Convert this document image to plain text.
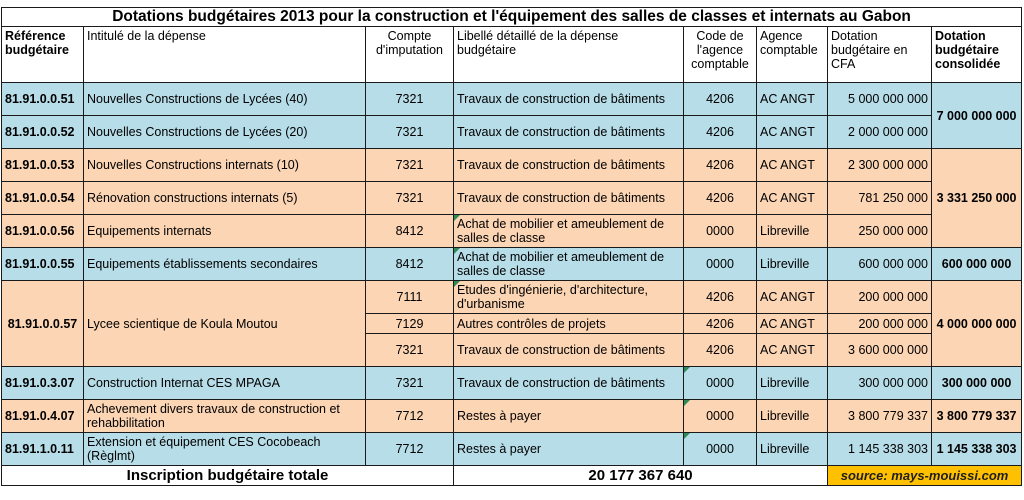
Dotations budgétaires 2013 pour la construction et l'équipement des salles de classes et internats au Gabon							
Référence budgétaire	Intitulé de la dépense	Compte d'imputation	Libellé détaillé de la dépense budgétaire	Code de l'agence comptable	Agence comptable	Dotation budgétaire en CFA	Dotation budgétaire consolidée
81.91.0.0.51	Nouvelles Constructions de Lycées (40)	7321	Travaux de construction de bâtiments	4206	AC ANGT	5 000 000 000	7 000 000 000
81.91.0.0.52	Nouvelles Constructions de Lycées (20)	7321	Travaux de construction de bâtiments	4206	AC ANGT	2 000 000 000	
81.91.0.0.53	Nouvelles Constructions internats (10)	7321	Travaux de construction de bâtiments	4206	AC ANGT	2 300 000 000	3 331 250 000
81.91.0.0.54	Rénovation constructions internats (5)	7321	Travaux de construction de bâtiments	4206	AC ANGT	781 250 000	
81.91.0.0.56	Equipements internats	8412	Achat de mobilier et ameublement de salles de classe	0000	Libreville	250 000 000	
81.91.0.0.55	Equipements établissements secondaires	8412	Achat de mobilier et ameublement de salles de classe	0000	Libreville	600 000 000	600 000 000
81.91.0.0.57	Lycee scientique de Koula Moutou	7111	Etudes d'ingénierie, d'architecture, d'urbanisme	4206	AC ANGT	200 000 000	4 000 000 000
		7129	Autres contrôles de projets	4206	AC ANGT	200 000 000	
		7321	Travaux de construction de bâtiments	4206	AC ANGT	3 600 000 000	
81.91.0.3.07	Construction Internat CES MPAGA	7321	Travaux de construction de bâtiments	0000	Libreville	300 000 000	300 000 000
81.91.0.4.07	Achevement divers travaux de construction et rehabbilitation	7712	Restes à payer	0000	Libreville	3 800 779 337	3 800 779 337
81.91.1.0.11	Extension et équipement CES Cocobeach (Règlmt)	7712	Restes à payer	0000	Libreville	1 145 338 303	1 145 338 303
Inscription budgétaire totale			20 177 367 640			source: mays-mouissi.com	
